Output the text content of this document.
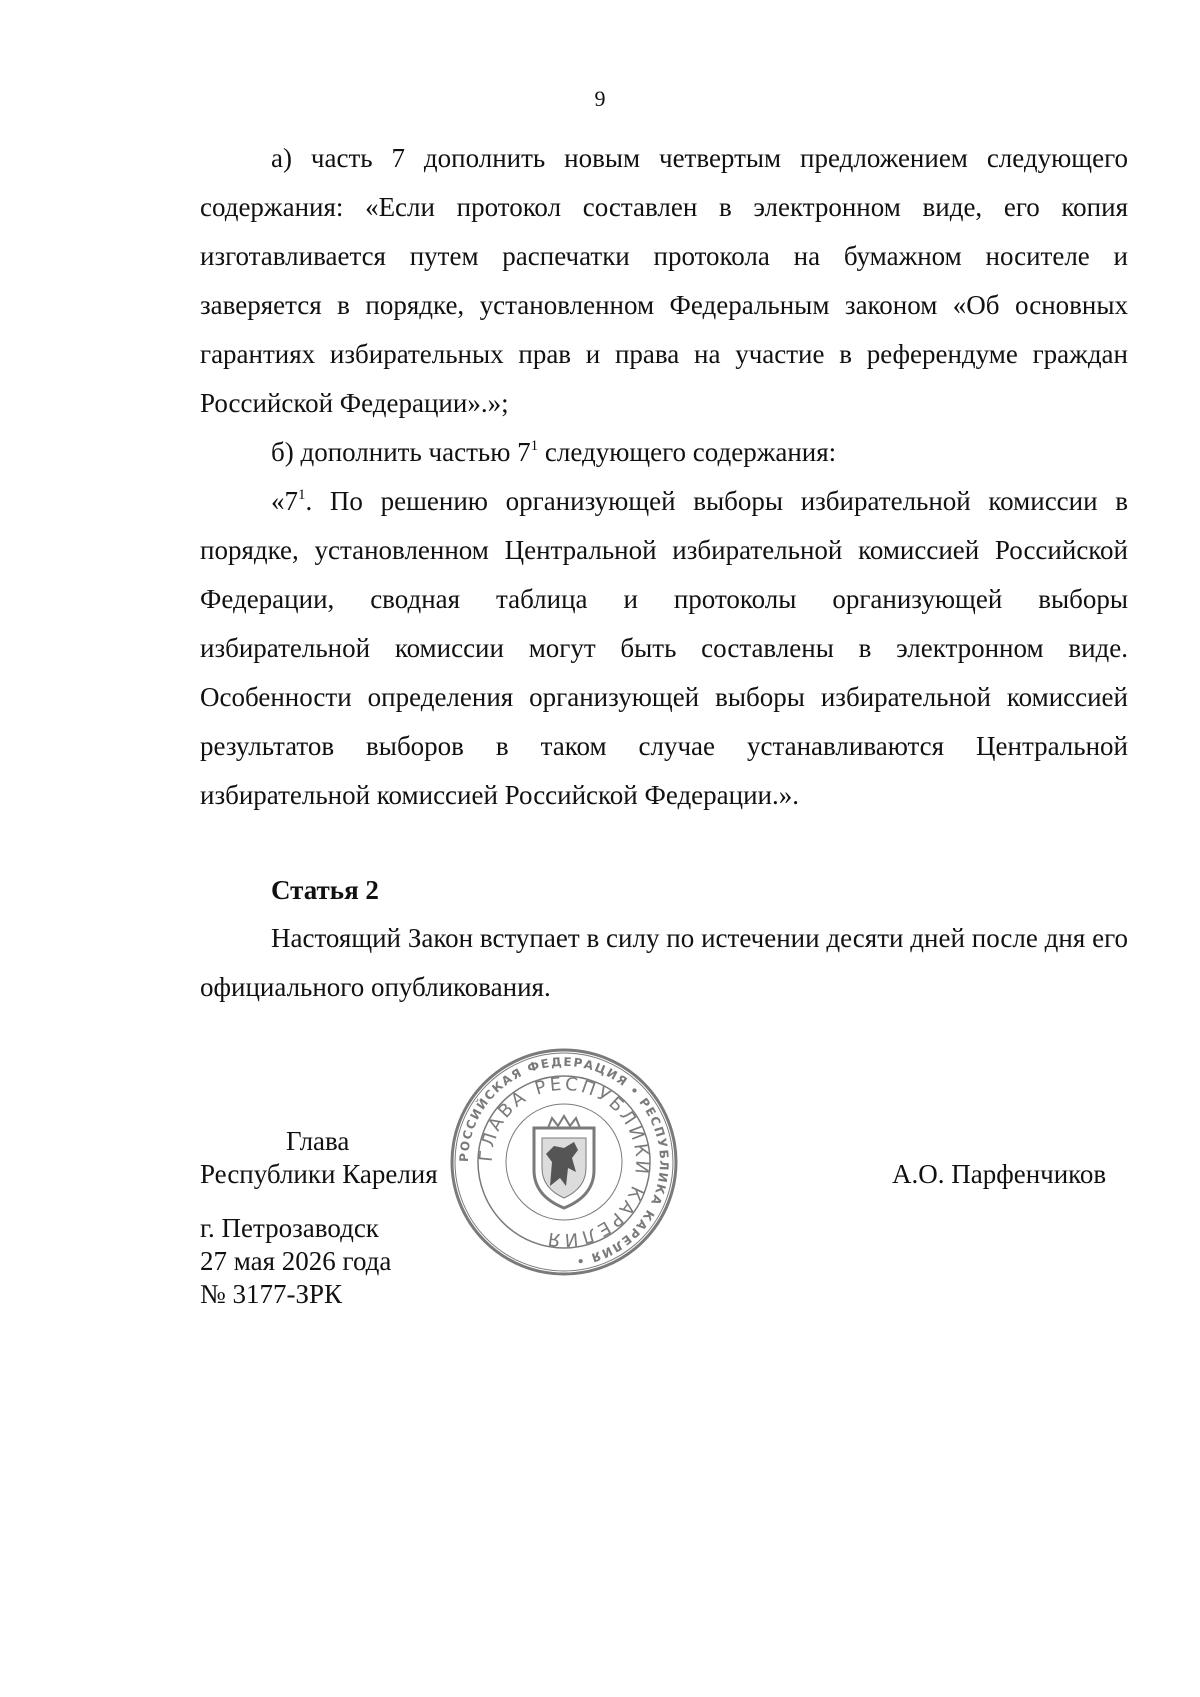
9

а) часть 7 дополнить новым четвертым предложением следующего содержания: «Если протокол составлен в электронном виде, его копия изготавливается путем распечатки протокола на бумажном носителе и заверяется в порядке, установленном Федеральным законом «Об основных гарантиях избирательных прав и права на участие в референдуме граждан Российской Федерации».»;

б) дополнить частью $7^1$ следующего содержания:

«$7^1$. По решению организующей выборы избирательной комиссии в порядке, установленном Центральной избирательной комиссией Российской Федерации, сводная таблица и протоколы организующей выборы избирательной комиссии могут быть составлены в электронном виде. Особенности определения организующей выборы избирательной комиссией результатов выборов в таком случае устанавливаются Центральной избирательной комиссией Российской Федерации.».

Статья 2

Настоящий Закон вступает в силу по истечении десяти дней после дня его официального опубликования.

Глава

Республики Карелия	А.О. Парфенчиков

г. Петрозаводск

27 мая 2026 года

№ 3177-ЗРК

РОССИЙСКАЯ ФЕДЕРАЦИЯ • РЕСПУБЛИКА КАРЕЛИЯ •
ГЛАВА РЕСПУБЛИКИ КАРЕЛИЯ
